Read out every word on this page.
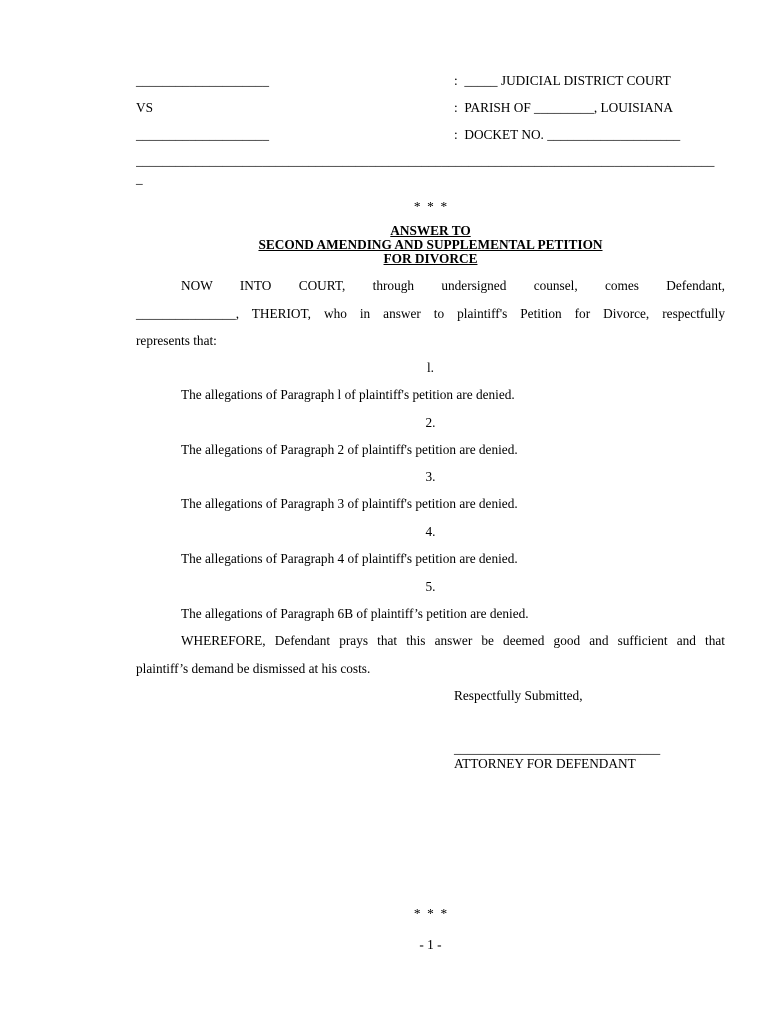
____________________
VS
____________________
:  _____ JUDICIAL DISTRICT COURT
:  PARISH OF _________, LOUISIANA
:  DOCKET NO. ____________________
_______________________________________________________________________________________
_
*  *  *
ANSWER TO
SECOND AMENDING AND SUPPLEMENTAL PETITION
FOR DIVORCE
NOW INTO COURT, through undersigned counsel, comes Defendant,
_______________, THERIOT, who in answer to plaintiff's Petition for Divorce, respectfully
represents that:
l.
The allegations of Paragraph l of plaintiff's petition are denied.
2.
The allegations of Paragraph 2 of plaintiff's petition are denied.
3.
The allegations of Paragraph 3 of plaintiff's petition are denied.
4.
The allegations of Paragraph 4 of plaintiff's petition are denied.
5.
The allegations of Paragraph 6B of plaintiff’s petition are denied.
WHEREFORE, Defendant prays that this answer be deemed good and sufficient and that
plaintiff’s demand be dismissed at his costs.
Respectfully Submitted,
_______________________________
ATTORNEY FOR DEFENDANT
*  *  *
- 1 -
